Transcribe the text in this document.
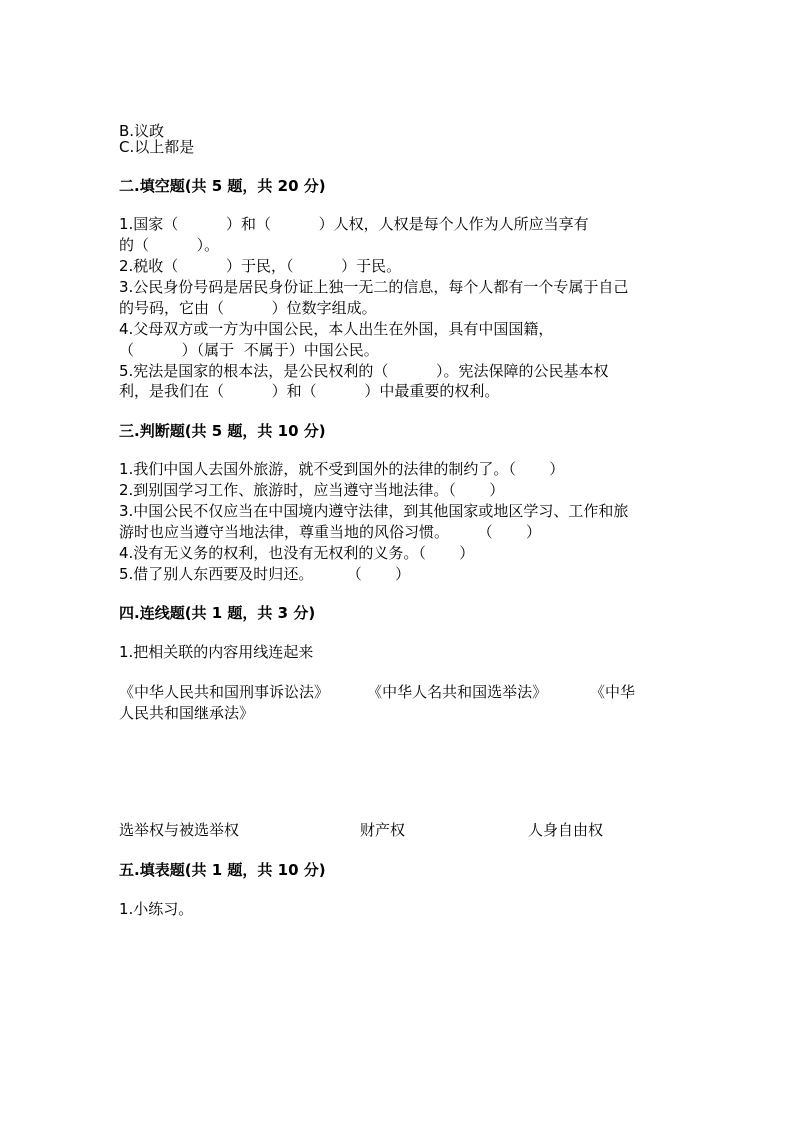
B.议政
C.以上都是
二.填空题(共 5 题，共 20 分)
1.国家（          ）和（          ）人权，人权是每个人作为人所应当享有
的（          ）。
2.税收（          ）于民，（          ）于民。
3.公民身份号码是居民身份证上独一无二的信息，每个人都有一个专属于自己
的号码，它由（          ）位数字组成。
4.父母双方或一方为中国公民，本人出生在外国，具有中国国籍，
（          ）（属于  不属于）中国公民。
5.宪法是国家的根本法，是公民权利的（          ）。宪法保障的公民基本权
利，是我们在（          ）和（          ）中最重要的权利。
三.判断题(共 5 题，共 10 分)
1.我们中国人去国外旅游，就不受到国外的法律的制约了。（       ）
2.到别国学习工作、旅游时，应当遵守当地法律。（       ）
3.中国公民不仅应当在中国境内遵守法律，到其他国家或地区学习、工作和旅
游时也应当遵守当地法律，尊重当地的风俗习惯。      （       ）
4.没有无义务的权利，也没有无权利的义务。（       ）
5.借了别人东西要及时归还。       （       ）
四.连线题(共 1 题，共 3 分)
1.把相关联的内容用线连起来
《中华人民共和国刑事诉讼法》        《中华人名共和国选举法》         《中华
人民共和国继承法》
选举权与被选举权	财产权	人身自由权
五.填表题(共 1 题，共 10 分)
1.小练习。
